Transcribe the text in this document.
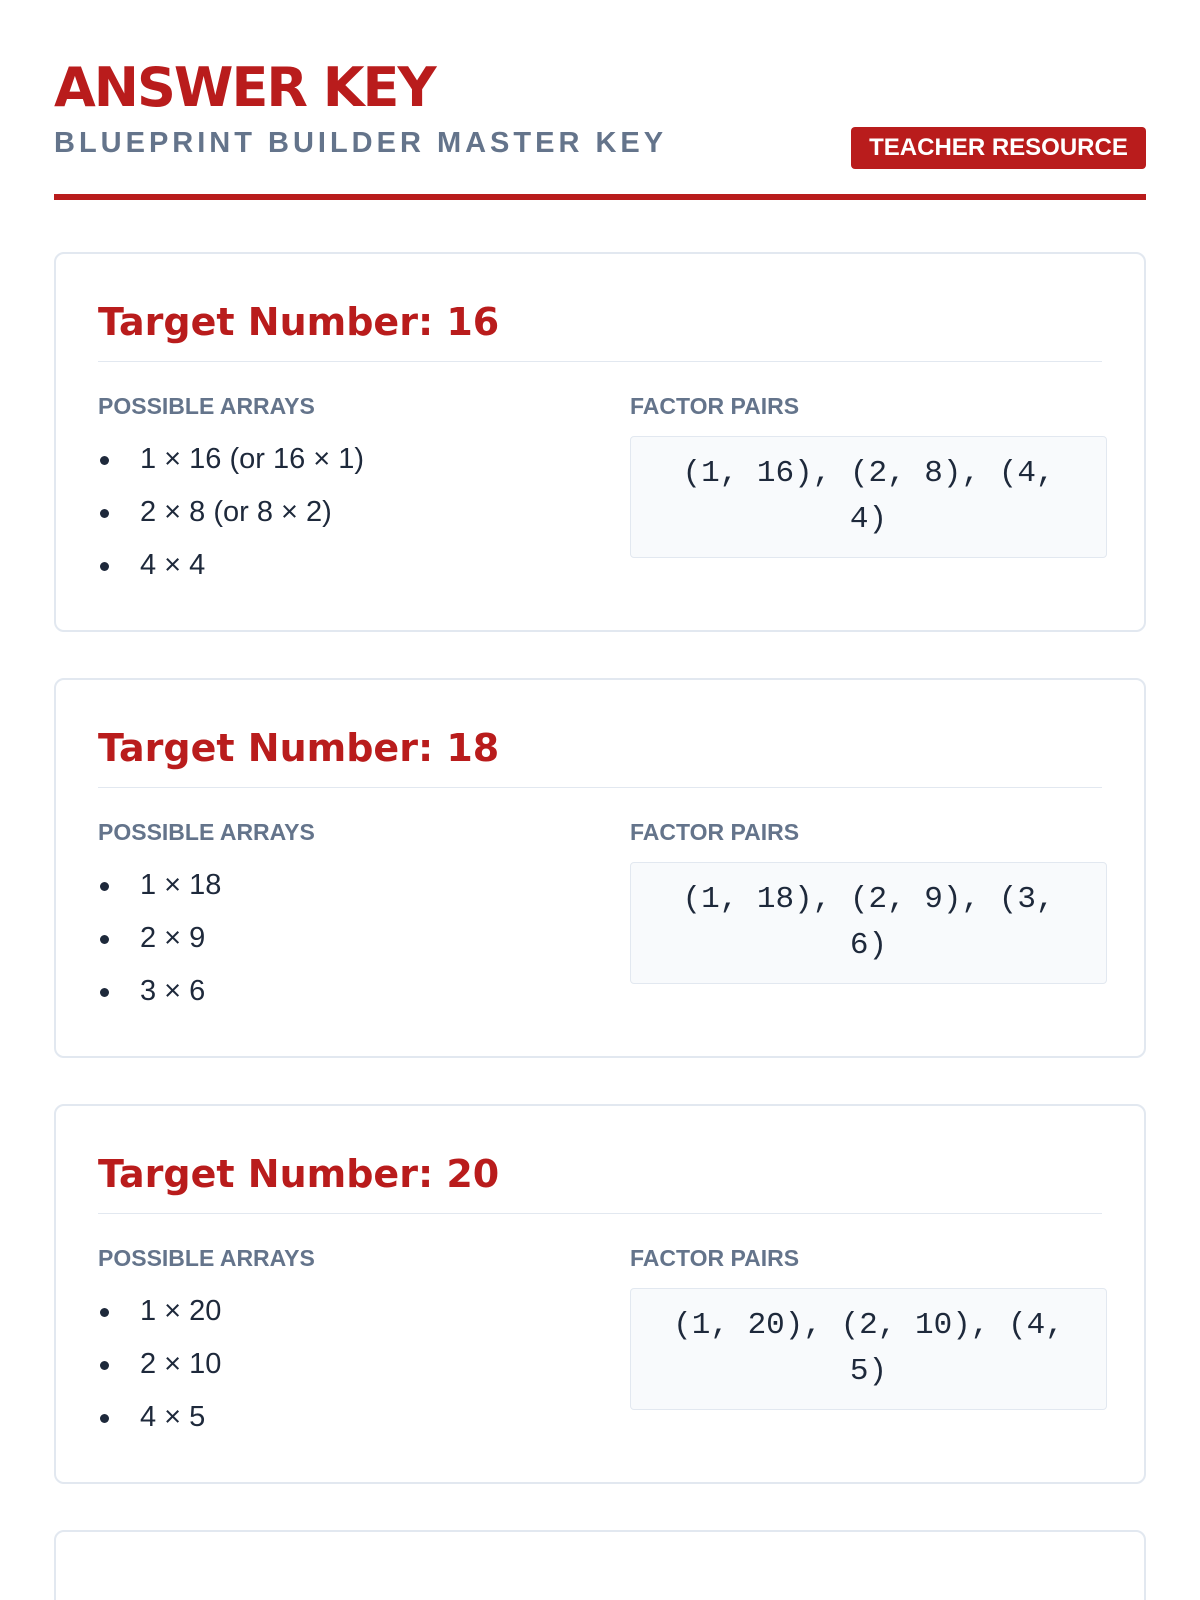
ANSWER KEY
BLUEPRINT BUILDER MASTER KEY	TEACHER RESOURCE
Target Number: 16
POSSIBLE ARRAYS
1 × 16 (or 16 × 1)
2 × 8 (or 8 × 2)
4 × 4
FACTOR PAIRS
(1, 16), (2, 8), (4, 4)
Target Number: 18
POSSIBLE ARRAYS
1 × 18
2 × 9
3 × 6
FACTOR PAIRS
(1, 18), (2, 9), (3, 6)
Target Number: 20
POSSIBLE ARRAYS
1 × 20
2 × 10
4 × 5
FACTOR PAIRS
(1, 20), (2, 10), (4, 5)
